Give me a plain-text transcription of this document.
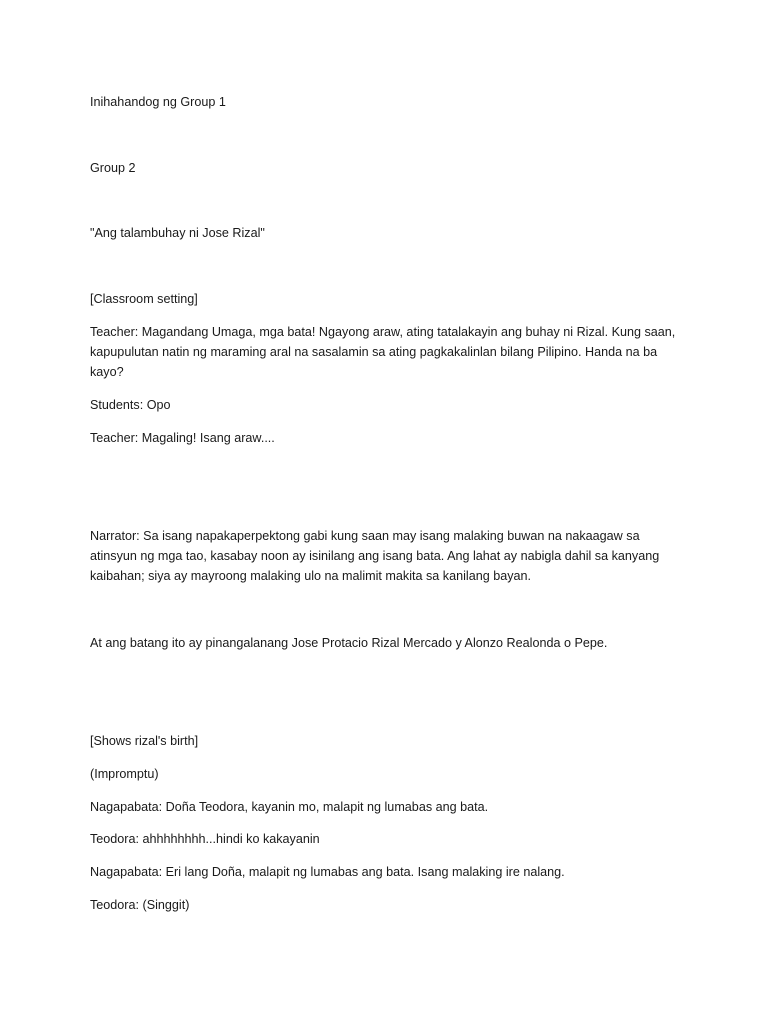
Inihahandog ng Group 1

Group 2

"Ang talambuhay ni Jose Rizal"

[Classroom setting]

Teacher: Magandang Umaga, mga bata! Ngayong araw, ating tatalakayin ang buhay ni Rizal. Kung saan, kapupulutan natin ng maraming aral na sasalamin sa ating pagkakalinlan bilang Pilipino. Handa na ba kayo?

Students: Opo

Teacher: Magaling! Isang araw....

Narrator: Sa isang napakaperpektong gabi kung saan may isang malaking buwan na nakaagaw sa atinsyun ng mga tao, kasabay noon ay isinilang ang isang bata. Ang lahat ay nabigla dahil sa kanyang kaibahan; siya ay mayroong malaking ulo na malimit makita sa kanilang bayan.

At ang batang ito ay pinangalanang Jose Protacio Rizal Mercado y Alonzo Realonda o Pepe.

[Shows rizal's birth]

(Impromptu)

Nagapabata: Doña Teodora, kayanin mo, malapit ng lumabas ang bata.

Teodora: ahhhhhhhh...hindi ko kakayanin

Nagapabata: Eri lang Doña, malapit ng lumabas ang bata. Isang malaking ire nalang.

Teodora: (Singgit)
